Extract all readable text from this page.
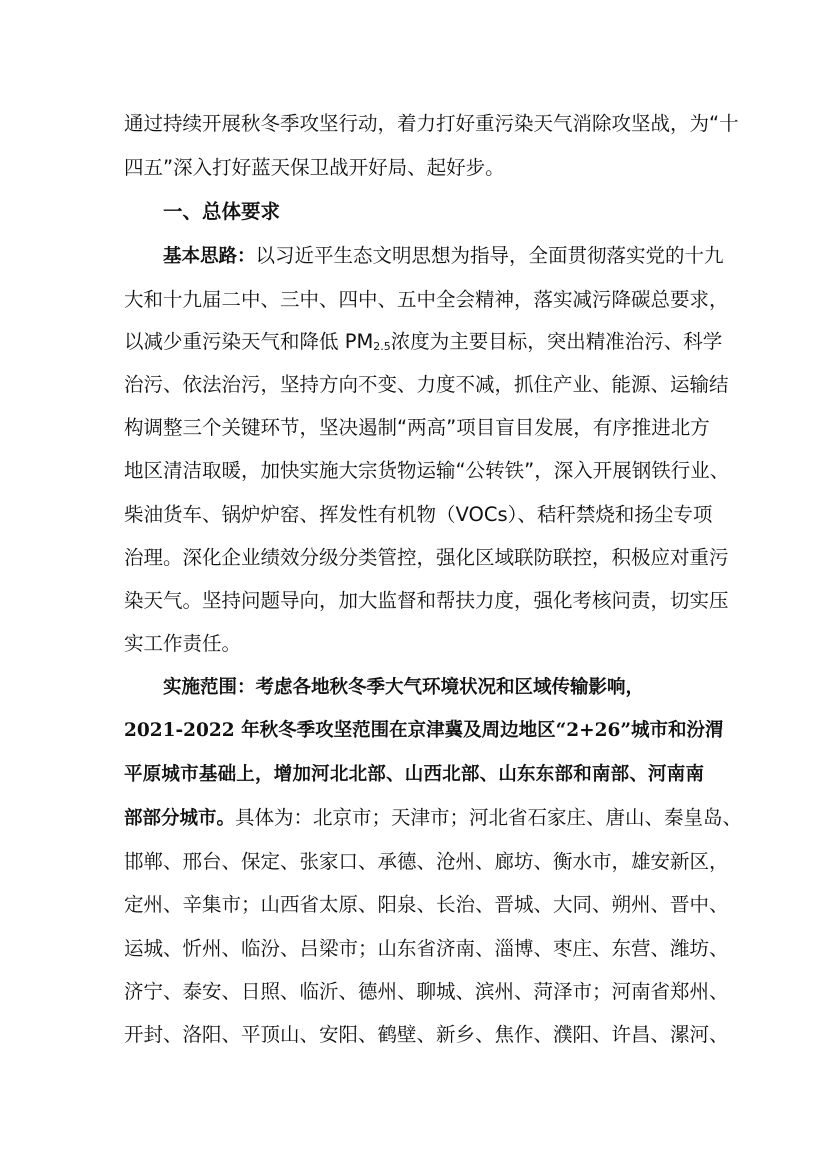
通过持续开展秋冬季攻坚行动，着力打好重污染天气消除攻坚战，为“十
四五”深入打好蓝天保卫战开好局、起好步。
一、总体要求
基本思路：以习近平生态文明思想为指导，全面贯彻落实党的十九
大和十九届二中、三中、四中、五中全会精神，落实减污降碳总要求，
以减少重污染天气和降低 PM2.5浓度为主要目标，突出精准治污、科学
治污、依法治污，坚持方向不变、力度不减，抓住产业、能源、运输结
构调整三个关键环节，坚决遏制“两高”项目盲目发展，有序推进北方
地区清洁取暖，加快实施大宗货物运输“公转铁”，深入开展钢铁行业、
柴油货车、锅炉炉窑、挥发性有机物（VOCs）、秸秆禁烧和扬尘专项
治理。深化企业绩效分级分类管控，强化区域联防联控，积极应对重污
染天气。坚持问题导向，加大监督和帮扶力度，强化考核问责，切实压
实工作责任。
实施范围：考虑各地秋冬季大气环境状况和区域传输影响，
2021-2022 年秋冬季攻坚范围在京津冀及周边地区“2+26”城市和汾渭
平原城市基础上，增加河北北部、山西北部、山东东部和南部、河南南
部部分城市。具体为：北京市；天津市；河北省石家庄、唐山、秦皇岛、
邯郸、邢台、保定、张家口、承德、沧州、廊坊、衡水市，雄安新区，
定州、辛集市；山西省太原、阳泉、长治、晋城、大同、朔州、晋中、
运城、忻州、临汾、吕梁市；山东省济南、淄博、枣庄、东营、潍坊、
济宁、泰安、日照、临沂、德州、聊城、滨州、菏泽市；河南省郑州、
开封、洛阳、平顶山、安阳、鹤壁、新乡、焦作、濮阳、许昌、漯河、
